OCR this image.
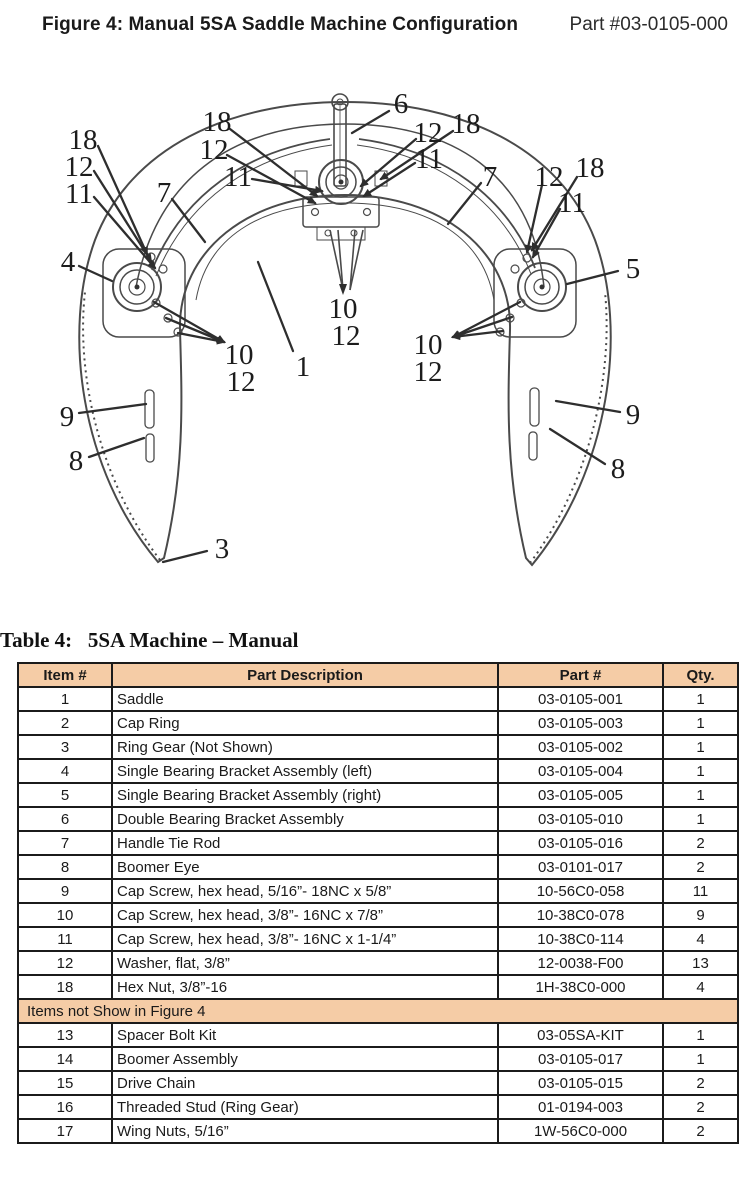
Figure 4: Manual 5SA Saddle Machine Configuration	Part #03-0105-000
6
18
12
11
18
12
11 7
12
11
18
7 12 18
11
4	5
10
12
10
12 1
10
12
9	9
8	8
3
Table 4:   5SA Machine – Manual
Item #	Part Description	Part #	Qty.
1	Saddle	03-0105-001	1
2	Cap Ring	03-0105-003	1
3	Ring Gear (Not Shown)	03-0105-002	1
4	Single Bearing Bracket Assembly (left)	03-0105-004	1
5	Single Bearing Bracket Assembly (right)	03-0105-005	1
6	Double Bearing Bracket Assembly	03-0105-010	1
7	Handle Tie Rod	03-0105-016	2
8	Boomer Eye	03-0101-017	2
9	Cap Screw, hex head, 5/16”- 18NC x 5/8”	10-56C0-058	11
10	Cap Screw, hex head, 3/8”- 16NC x 7/8”	10-38C0-078	9
11	Cap Screw, hex head, 3/8”- 16NC x 1-1/4”	10-38C0-114	4
12	Washer, flat, 3/8”	12-0038-F00	13
18	Hex Nut, 3/8”-16	1H-38C0-000	4
Items not Show in Figure 4			
13	Spacer Bolt Kit	03-05SA-KIT	1
14	Boomer Assembly	03-0105-017	1
15	Drive Chain	03-0105-015	2
16	Threaded Stud (Ring Gear)	01-0194-003	2
17	Wing Nuts, 5/16”	1W-56C0-000	2
